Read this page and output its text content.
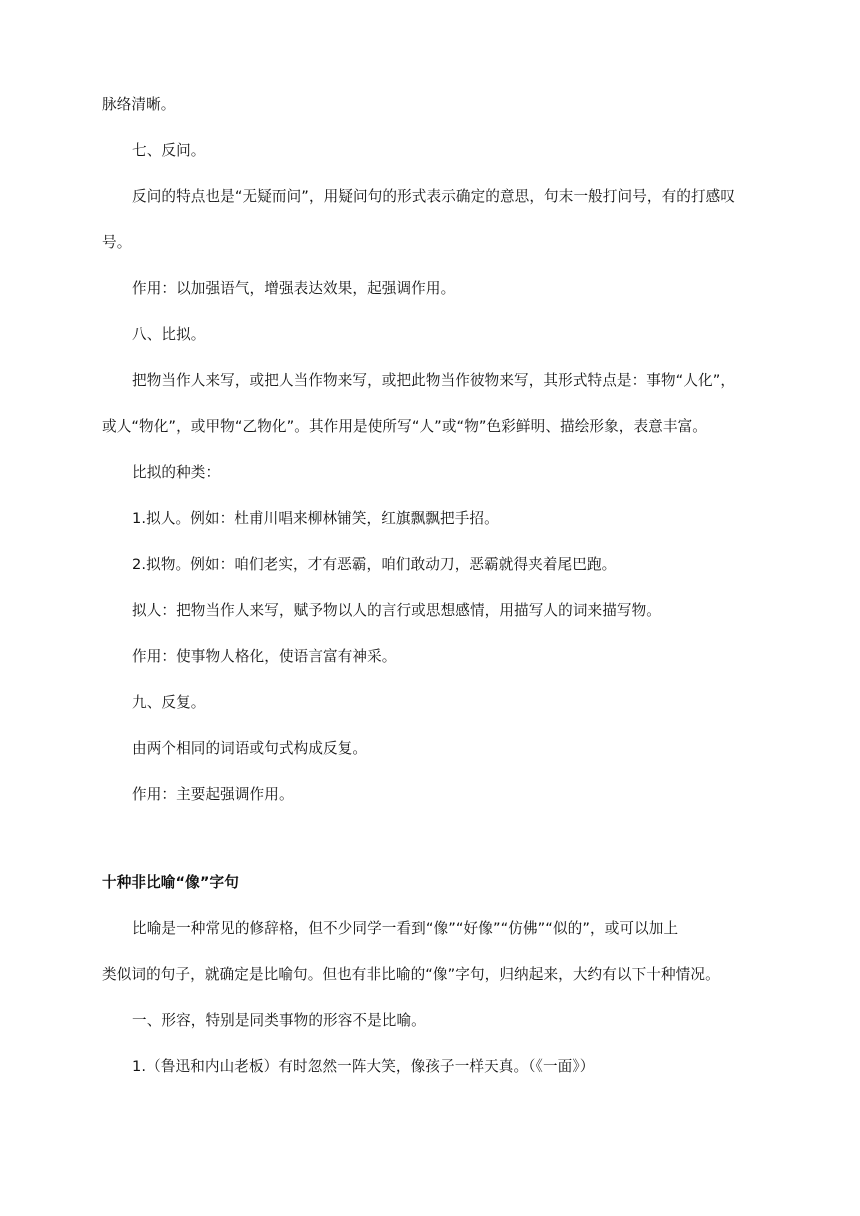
脉络清晰。
七、反问。
反问的特点也是“无疑而问”，用疑问句的形式表示确定的意思，句末一般打问号，有的打感叹
号。
作用：以加强语气，增强表达效果，起强调作用。
八、比拟。
把物当作人来写，或把人当作物来写，或把此物当作彼物来写，其形式特点是：事物“人化”，
或人“物化”，或甲物“乙物化”。其作用是使所写“人”或“物”色彩鲜明、描绘形象，表意丰富。
比拟的种类：
1.拟人。例如：杜甫川唱来柳林铺笑，红旗飘飘把手招。
2.拟物。例如：咱们老实，才有恶霸，咱们敢动刀，恶霸就得夹着尾巴跑。
拟人：把物当作人来写，赋予物以人的言行或思想感情，用描写人的词来描写物。
作用：使事物人格化，使语言富有神采。
九、反复。
由两个相同的词语或句式构成反复。
作用：主要起强调作用。
十种非比喻“像”字句
比喻是一种常见的修辞格，但不少同学一看到“像”“好像”“仿佛”“似的”，或可以加上
类似词的句子，就确定是比喻句。但也有非比喻的“像”字句，归纳起来，大约有以下十种情况。
一、形容，特别是同类事物的形容不是比喻。
1.（鲁迅和内山老板）有时忽然一阵大笑，像孩子一样天真。（《一面》）
